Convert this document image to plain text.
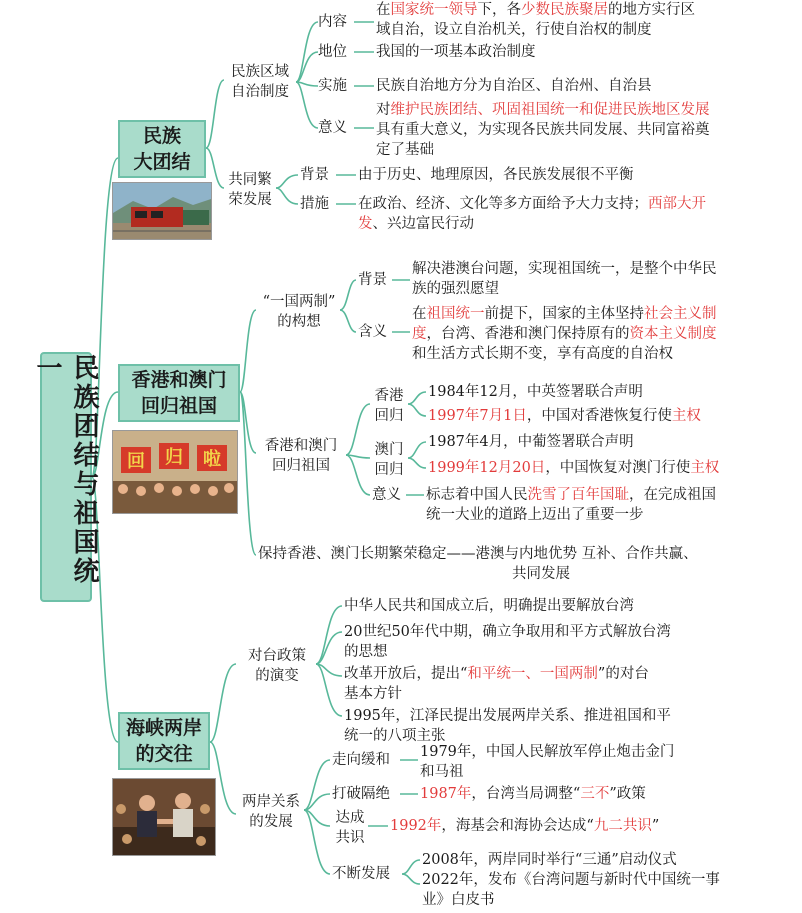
民族团结与祖国统一
民族
大团结
民族区域
自治制度
内容
在国家统一领导下，各少数民族聚居的地方实行区
域自治，设立自治机关，行使自治权的制度
地位 我国的一项基本政治制度
实施 民族自治地方分为自治区、自治州、自治县
意义
对维护民族团结、巩固祖国统一和促进民族地区发展
具有重大意义，为实现各民族共同发展、共同富裕奠
定了基础
共同繁
荣发展
背景 由于历史、地理原因，各民族发展很不平衡
措施 在政治、经济、文化等多方面给予大力支持；西部大开
发、兴边富民行动
香港和澳门
回归祖国
回 归 啦
“一国两制”
的构想
背景
解决港澳台问题，实现祖国统一，是整个中华民
族的强烈愿望
含义
在祖国统一前提下，国家的主体坚持社会主义制
度，台湾、香港和澳门保持原有的资本主义制度
和生活方式长期不变，享有高度的自治权
香港和澳门
回归祖国
香港
回归
1984年12月，中英签署联合声明
1997年7月1日，中国对香港恢复行使主权
澳门
回归
1987年4月，中葡签署联合声明
1999年12月20日，中国恢复对澳门行使主权
意义 标志着中国人民洗雪了百年国耻，在完成祖国
统一大业的道路上迈出了重要一步
保持香港、澳门长期繁荣稳定——港澳与内地优势 互补、合作共赢、
共同发展
海峡两岸
的交往
对台政策
的演变
中华人民共和国成立后，明确提出要解放台湾
20世纪50年代中期，确立争取用和平方式解放台湾
的思想
改革开放后，提出“和平统一、一国两制”的对台
基本方针
1995年，江泽民提出发展两岸关系、推进祖国和平
统一的八项主张
两岸关系
的发展
走向缓和 1979年，中国人民解放军停止炮击金门
和马祖
打破隔绝 1987年，台湾当局调整“三不”政策
达成
共识
1992年，海基会和海协会达成“九二共识”
不断发展
2008年，两岸同时举行“三通”启动仪式
2022年，发布《台湾问题与新时代中国统一事
业》白皮书
